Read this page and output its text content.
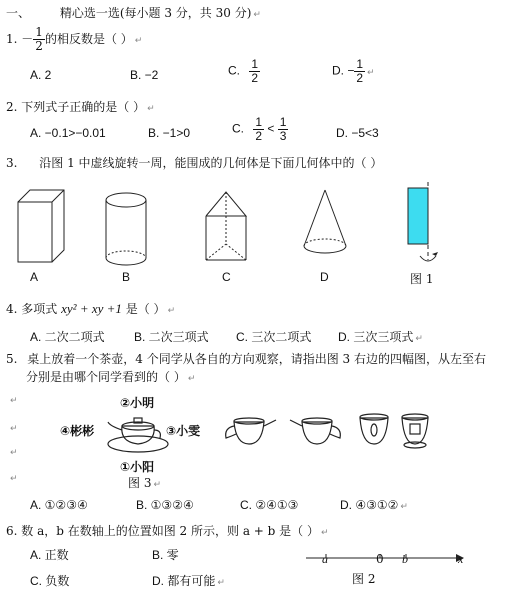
一、 精心选一选(每小题 3 分，共 30 分) ↵
1. － $\frac{1}{2}$ 的相反数是（ ） ↵
A. 2	B. −2	C. $\frac{1}{2}$	D. − $\frac{1}{2}$ ↵
2. 下列式子正确的是（ ） ↵
A. −0.1>−0.01	B. −1>0	C. $\frac{1}{2} < \frac{1}{3}$	D. −5<3
3. 沿图 1 中虚线旋转一周，能围成的几何体是下面几何体中的（ ）
A	B	C	D	图 1
4. 多项式 xy² + xy +1 是（ ） ↵
A. 二次二项式 B. 二次三项式 C. 三次二项式 D. 三次三项式 ↵
5. 桌上放着一个茶壶，4 个同学从各自的方向观察，请指出图 3 右边的四幅图，从左至右
分别是由哪个同学看到的（ ） ↵
↵
↵
↵
↵
②小明
④彬彬	③小雯
①小阳
图 3 ↵
A. ①②③④	B. ①③②④	C. ②④①③	D. ④③①② ↵
6. 数 a，b 在数轴上的位置如图 2 所示，则 a + b 是（ ） ↵
A. 正数	B. 零
C. 负数	D. 都有可能 ↵
a	0 b	x
图 2
